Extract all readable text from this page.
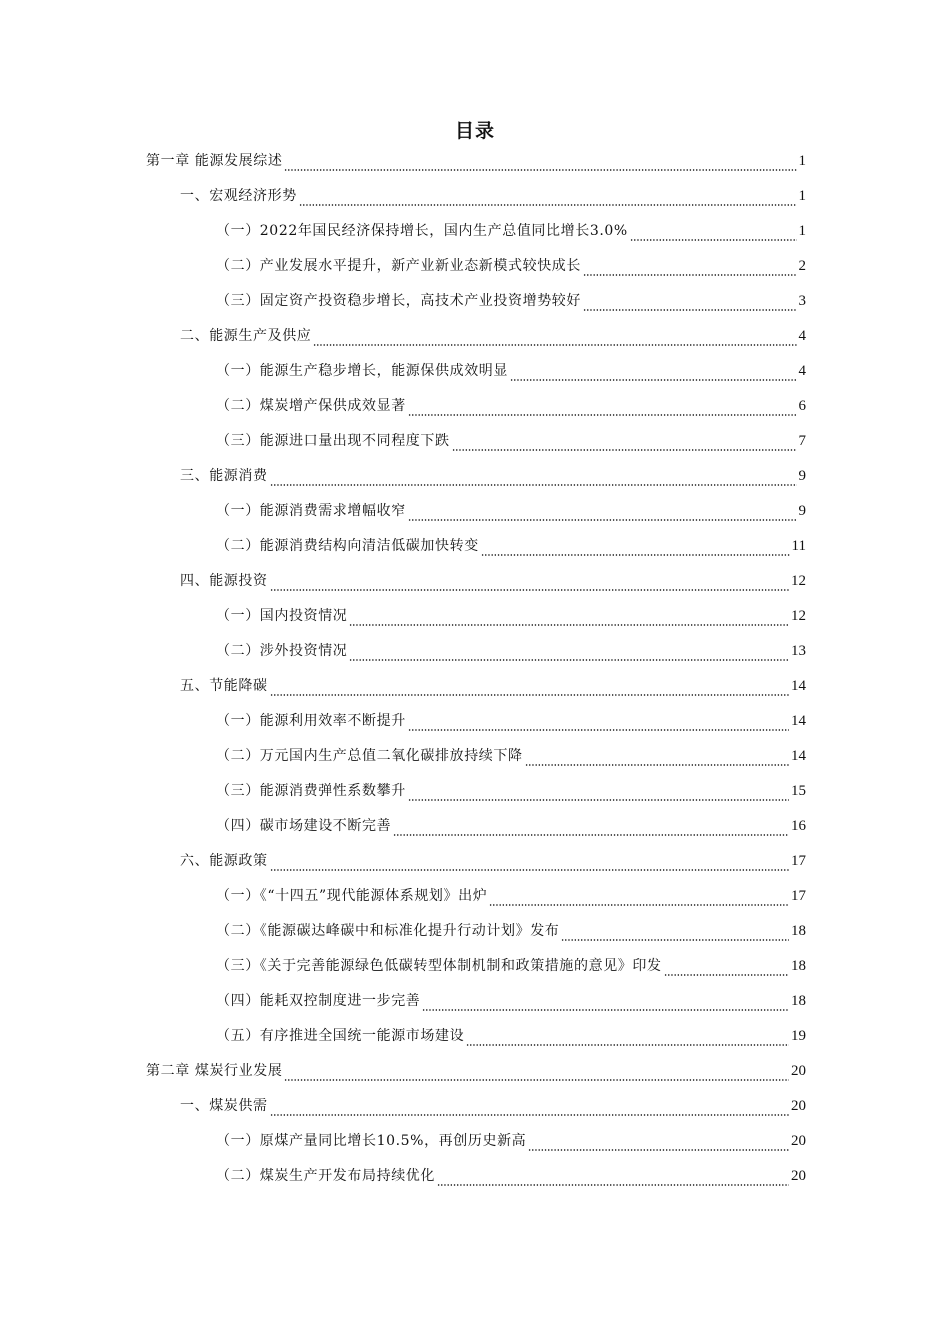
目录
第一章 能源发展综述	1
一、宏观经济形势	1
（一）2022年国民经济保持增长，国内生产总值同比增长3.0%	1
（二）产业发展水平提升，新产业新业态新模式较快成长	2
（三）固定资产投资稳步增长，高技术产业投资增势较好	3
二、能源生产及供应	4
（一）能源生产稳步增长，能源保供成效明显	4
（二）煤炭增产保供成效显著	6
（三）能源进口量出现不同程度下跌	7
三、能源消费	9
（一）能源消费需求增幅收窄	9
（二）能源消费结构向清洁低碳加快转变	11
四、能源投资	12
（一）国内投资情况	12
（二）涉外投资情况	13
五、节能降碳	14
（一）能源利用效率不断提升	14
（二）万元国内生产总值二氧化碳排放持续下降	14
（三）能源消费弹性系数攀升	15
（四）碳市场建设不断完善	16
六、能源政策	17
（一）《“十四五”现代能源体系规划》出炉	17
（二）《能源碳达峰碳中和标准化提升行动计划》发布	18
（三）《关于完善能源绿色低碳转型体制机制和政策措施的意见》印发	18
（四）能耗双控制度进一步完善	18
（五）有序推进全国统一能源市场建设	19
第二章 煤炭行业发展	20
一、煤炭供需	20
（一）原煤产量同比增长10.5%，再创历史新高	20
（二）煤炭生产开发布局持续优化	20
